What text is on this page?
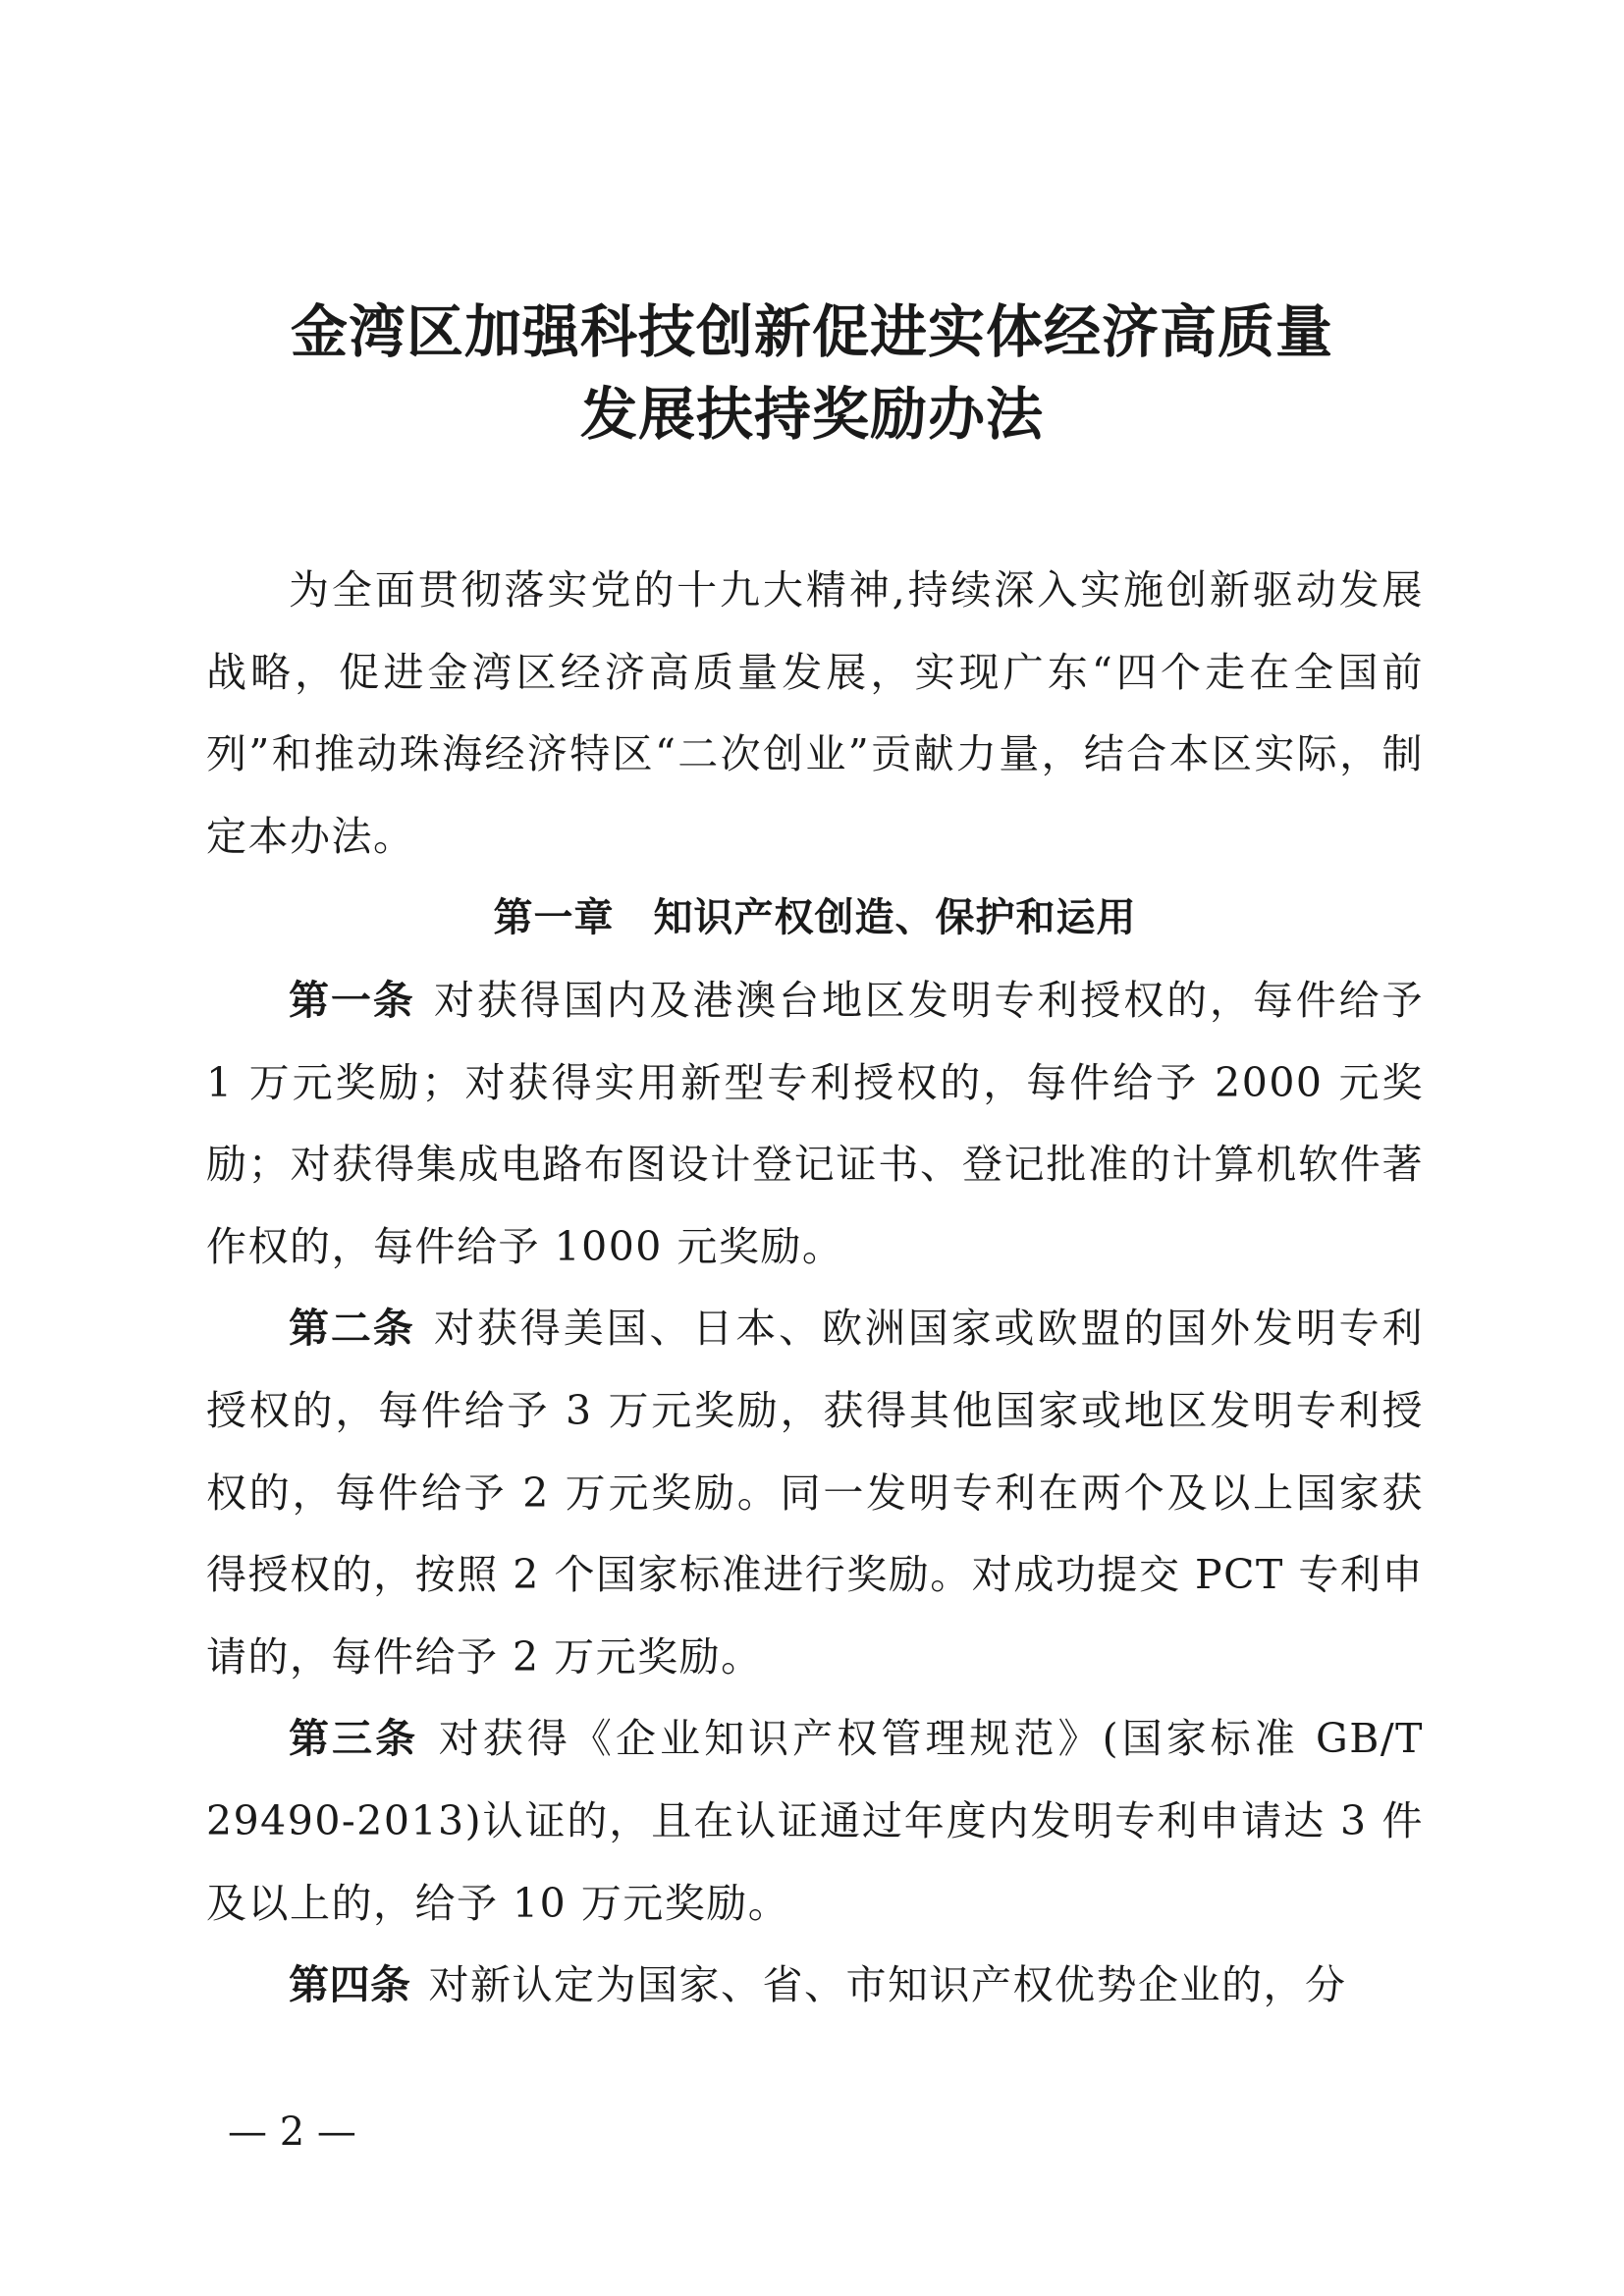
金湾区加强科技创新促进实体经济高质量
发展扶持奖励办法

为全面贯彻落实党的十九大精神,持续深入实施创新驱动发展战略，促进金湾区经济高质量发展，实现广东“四个走在全国前列”和推动珠海经济特区“二次创业”贡献力量，结合本区实际，制定本办法。

第一章 知识产权创造、保护和运用

第一条 对获得国内及港澳台地区发明专利授权的，每件给予 1 万元奖励；对获得实用新型专利授权的，每件给予 2000 元奖励；对获得集成电路布图设计登记证书、登记批准的计算机软件著作权的，每件给予 1000 元奖励。

第二条 对获得美国、日本、欧洲国家或欧盟的国外发明专利授权的，每件给予 3 万元奖励，获得其他国家或地区发明专利授权的，每件给予 2 万元奖励。同一发明专利在两个及以上国家获得授权的，按照 2 个国家标准进行奖励。对成功提交 PCT 专利申请的，每件给予 2 万元奖励。

第三条 对获得《企业知识产权管理规范》(国家标准 GB/T 29490-2013)认证的，且在认证通过年度内发明专利申请达 3 件及以上的，给予 10 万元奖励。

第四条 对新认定为国家、省、市知识产权优势企业的，分

— 2 —
